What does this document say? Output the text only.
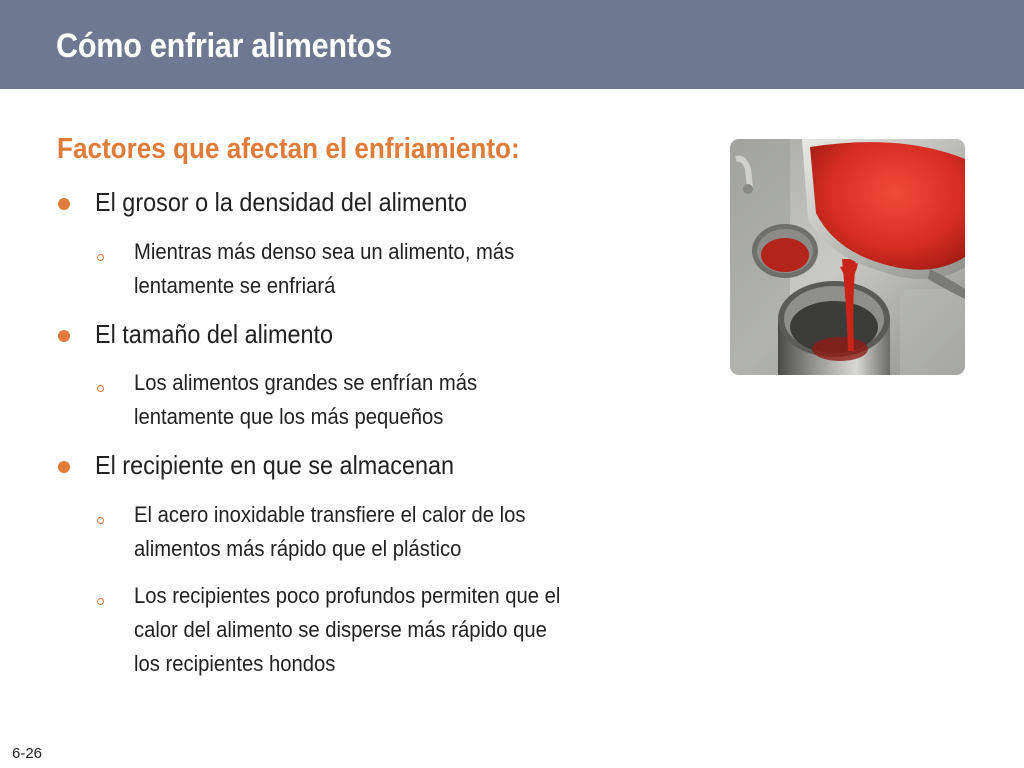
Cómo enfriar alimentos
Factores que afectan el enfriamiento:
El grosor o la densidad del alimento
Mientras más denso sea un alimento, más
lentamente se enfriará
El tamaño del alimento
Los alimentos grandes se enfrían más
lentamente que los más pequeños
El recipiente en que se almacenan
El acero inoxidable transfiere el calor de los
alimentos más rápido que el plástico
Los recipientes poco profundos permiten que el
calor del alimento se disperse más rápido que
los recipientes hondos
6-26
